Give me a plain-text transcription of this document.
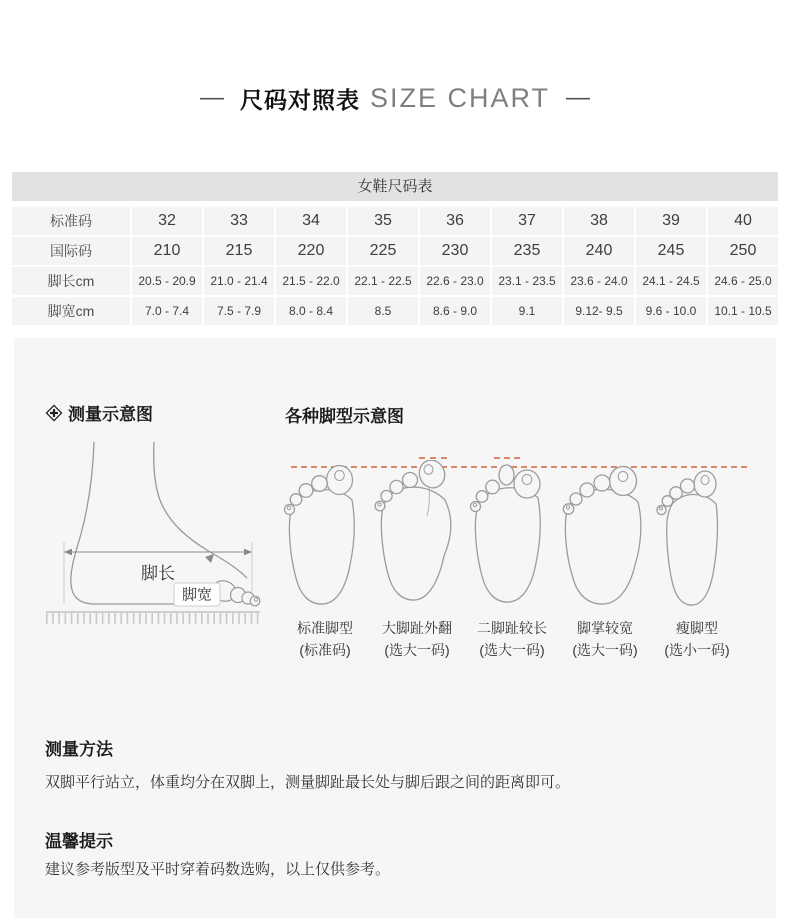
— 尺码对照表 SIZE CHART —
女鞋尺码表
标准码	32	33	34	35	36	37	38	39	40
国际码	210	215	220	225	230	235	240	245	250
脚长cm	20.5 - 20.9	21.0 - 21.4	21.5 - 22.0	22.1 - 22.5	22.6 - 23.0	23.1 - 23.5	23.6 - 24.0	24.1 - 24.5	24.6 - 25.0
脚宽cm	7.0 - 7.4	7.5 - 7.9	8.0 - 8.4	8.5	8.6 - 9.0	9.1	9.12- 9.5	9.6 - 10.0	10.1 - 10.5
测量示意图	各种脚型示意图
脚长
脚宽
标准脚型
(标准码)
大脚趾外翻
(选大一码)
二脚趾较长
(选大一码)
脚掌较宽
(选大一码)
瘦脚型
(选小一码)
测量方法
双脚平行站立，体重均分在双脚上，测量脚趾最长处与脚后跟之间的距离即可。
温馨提示
建议参考版型及平时穿着码数选购，以上仅供参考。
